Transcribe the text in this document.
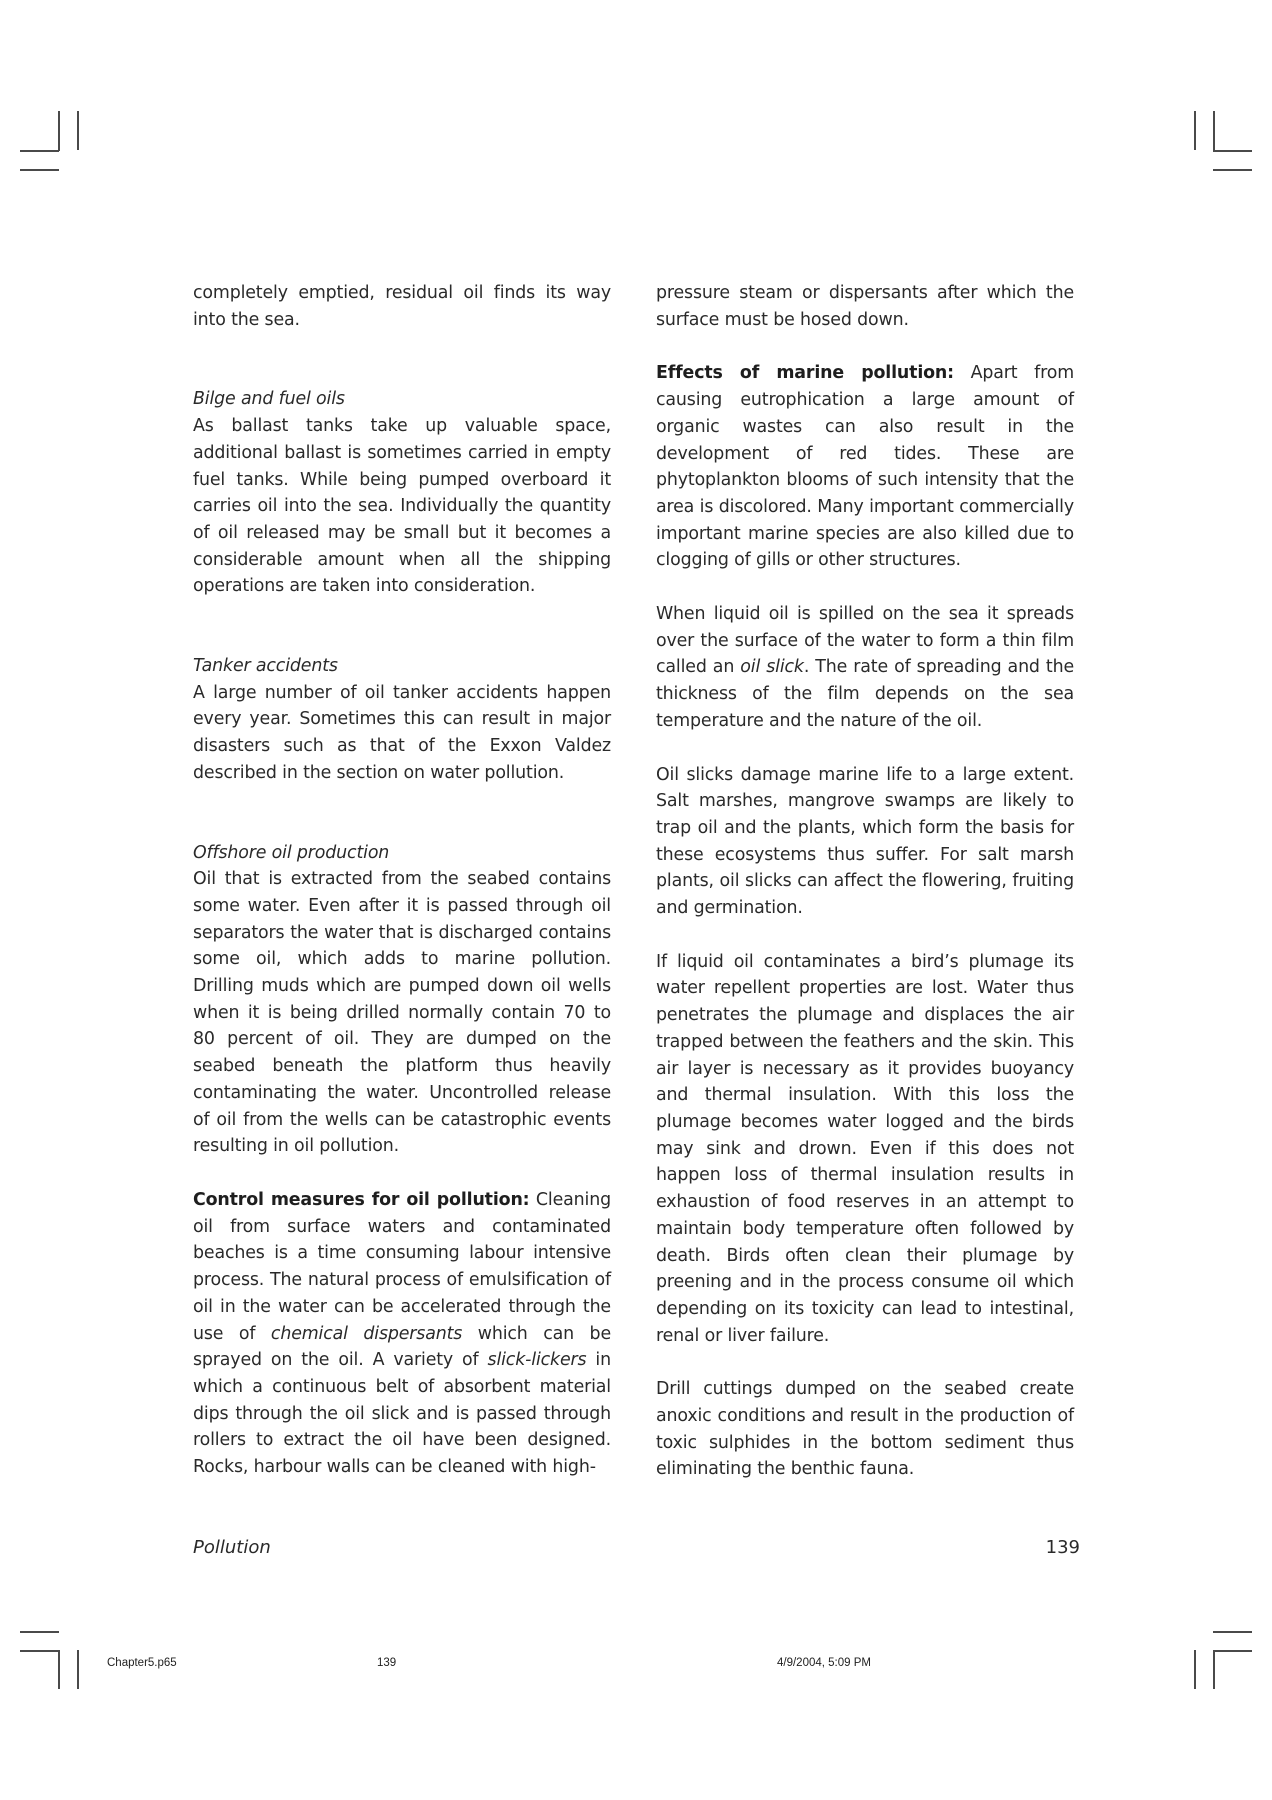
completely emptied, residual oil finds its way into the sea.

Bilge and fuel oils

As ballast tanks take up valuable space, additional ballast is sometimes carried in empty fuel tanks. While being pumped overboard it carries oil into the sea. Individually the quantity of oil released may be small but it becomes a considerable amount when all the shipping operations are taken into consideration.

Tanker accidents

A large number of oil tanker accidents happen every year. Sometimes this can result in major disasters such as that of the Exxon Valdez described in the section on water pollution.

Offshore oil production

Oil that is extracted from the seabed contains some water. Even after it is passed through oil separators the water that is discharged contains some oil, which adds to marine pollution. Drilling muds which are pumped down oil wells when it is being drilled normally contain 70 to 80 percent of oil. They are dumped on the seabed beneath the platform thus heavily contaminating the water. Uncontrolled release of oil from the wells can be catastrophic events resulting in oil pollution.

Control measures for oil pollution: Cleaning oil from surface waters and contaminated beaches is a time consuming labour intensive process. The natural process of emulsification of oil in the water can be accelerated through the use of chemical dispersants which can be sprayed on the oil. A variety of slick-lickers in which a continuous belt of absorbent material dips through the oil slick and is passed through rollers to extract the oil have been designed. Rocks, harbour walls can be cleaned with high-

pressure steam or dispersants after which the surface must be hosed down.

Effects of marine pollution: Apart from causing eutrophication a large amount of organic wastes can also result in the development of red tides. These are phytoplankton blooms of such intensity that the area is discolored. Many important commercially important marine species are also killed due to clogging of gills or other structures.

When liquid oil is spilled on the sea it spreads over the surface of the water to form a thin film called an oil slick. The rate of spreading and the thickness of the film depends on the sea temperature and the nature of the oil.

Oil slicks damage marine life to a large extent. Salt marshes, mangrove swamps are likely to trap oil and the plants, which form the basis for these ecosystems thus suffer. For salt marsh plants, oil slicks can affect the flowering, fruiting and germination.

If liquid oil contaminates a bird’s plumage its water repellent properties are lost. Water thus penetrates the plumage and displaces the air trapped between the feathers and the skin. This air layer is necessary as it provides buoyancy and thermal insulation. With this loss the plumage becomes water logged and the birds may sink and drown. Even if this does not happen loss of thermal insulation results in exhaustion of food reserves in an attempt to maintain body temperature often followed by death. Birds often clean their plumage by preening and in the process consume oil which depending on its toxicity can lead to intestinal, renal or liver failure.

Drill cuttings dumped on the seabed create anoxic conditions and result in the production of toxic sulphides in the bottom sediment thus eliminating the benthic fauna.

Pollution	139
Chapter5.p65	139	4/9/2004, 5:09 PM
